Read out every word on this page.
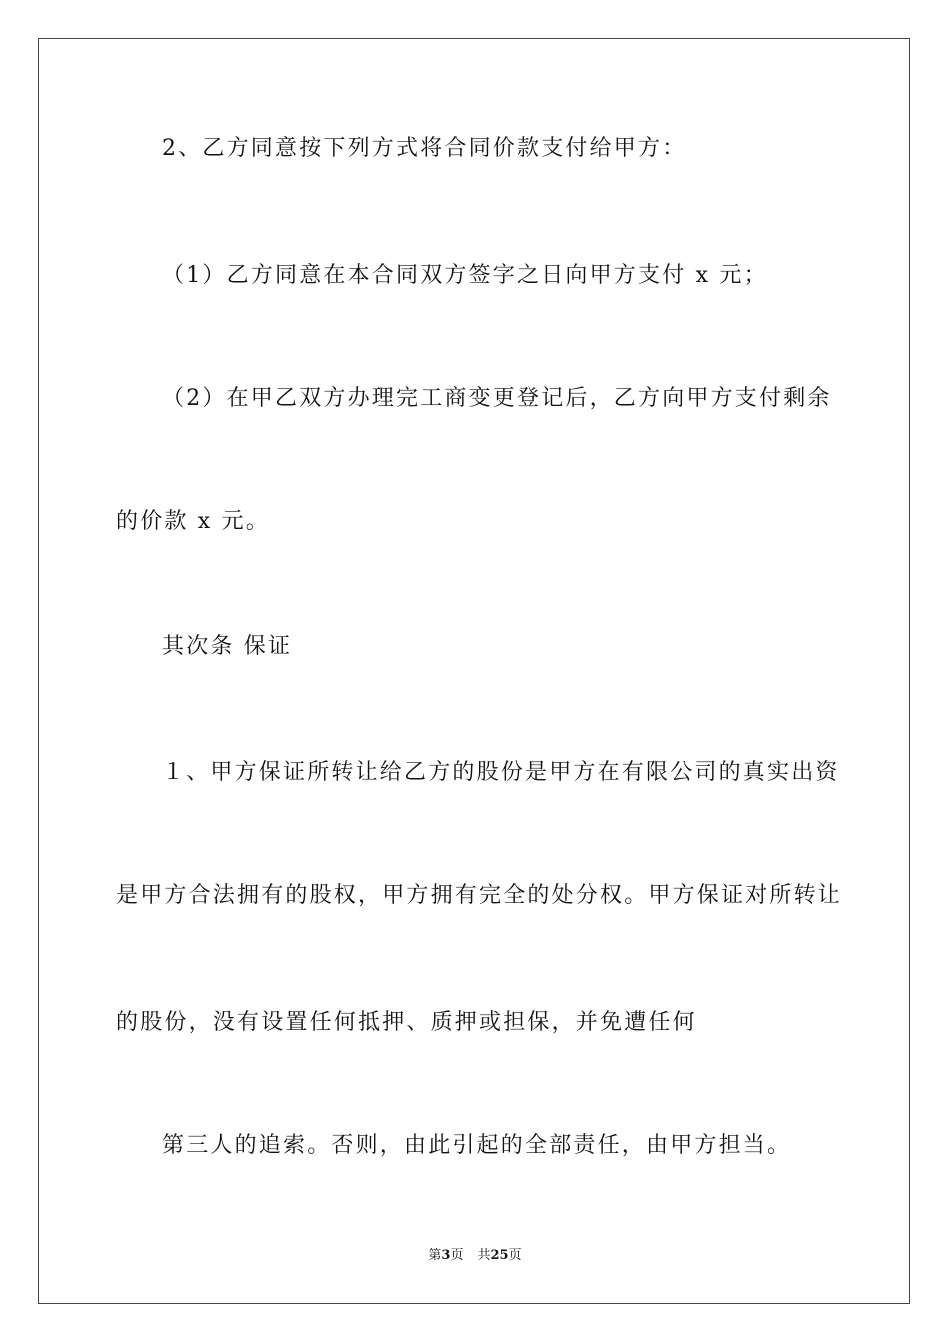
2、乙方同意按下列方式将合同价款支付给甲方：
（1）乙方同意在本合同双方签字之日向甲方支付 x 元；
（2）在甲乙双方办理完工商变更登记后，乙方向甲方支付剩余
的价款 x 元。
其次条 保证
１、甲方保证所转让给乙方的股份是甲方在有限公司的真实出资
是甲方合法拥有的股权，甲方拥有完全的处分权。甲方保证对所转让
的股份，没有设置任何抵押、质押或担保，并免遭任何
第三人的追索。否则，由此引起的全部责任，由甲方担当。
第3页 共25页
